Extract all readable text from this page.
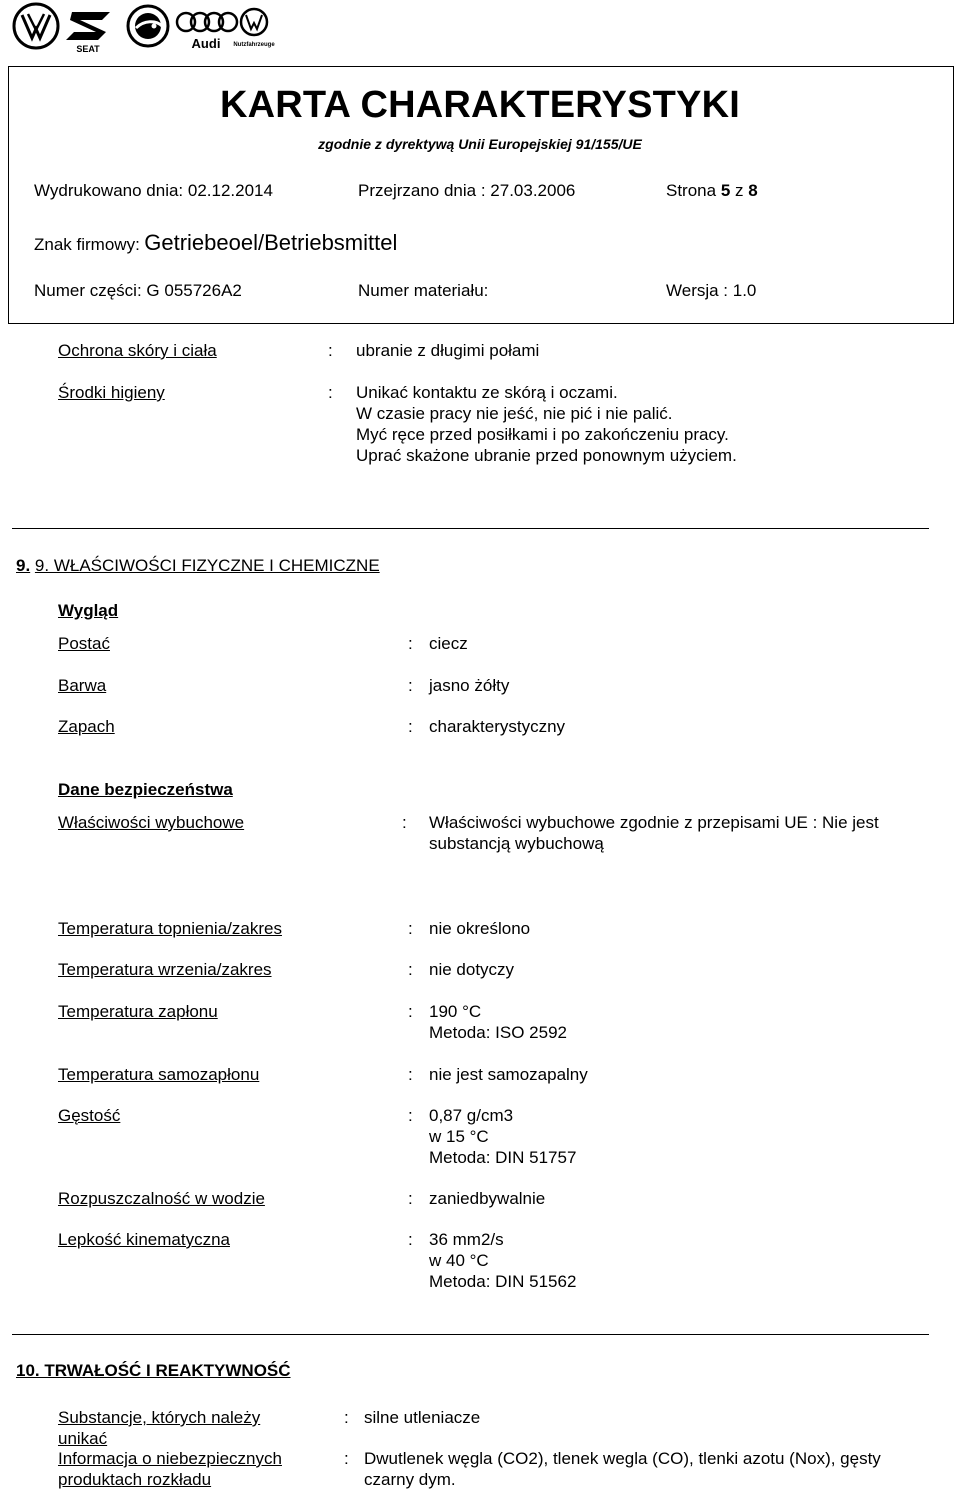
SEAT	Audi Nutzfahrzeuge
KARTA CHARAKTERYSTYKI
zgodnie z dyrektywą Unii Europejskiej 91/155/UE
Wydrukowano dnia: 02.12.2014	Przejrzano dnia : 27.03.2006	Strona 5 z 8
Znak firmowy: Getriebeoel/Betriebsmittel
Numer części: G 055726A2	Numer materiału:	Wersja : 1.0
Ochrona skóry i ciała	: ubranie z długimi połami
Środki higieny	: Unikać kontaktu ze skórą i oczami.
W czasie pracy nie jeść, nie pić i nie palić.
Myć ręce przed posiłkami i po zakończeniu pracy.
Uprać skażone ubranie przed ponownym użyciem.
9. 9. WŁAŚCIWOŚCI FIZYCZNE I CHEMICZNE
Wygląd
Postać	: ciecz
Barwa	: jasno żółty
Zapach	: charakterystyczny
Dane bezpieczeństwa
Właściwości wybuchowe	: Właściwości wybuchowe zgodnie z przepisami UE : Nie jest
substancją wybuchową
Temperatura topnienia/zakres	: nie określono
Temperatura wrzenia/zakres	: nie dotyczy
Temperatura zapłonu	: 190 °C
Metoda: ISO 2592
Temperatura samozapłonu	: nie jest samozapalny
Gęstość	: 0,87 g/cm3
w 15 °C
Metoda: DIN 51757
Rozpuszczalność w wodzie	: zaniedbywalnie
Lepkość kinematyczna	: 36 mm2/s
w 40 °C
Metoda: DIN 51562
10. TRWAŁOŚĆ I REAKTYWNOŚĆ
Substancje, których należy
unikać
: silne utleniacze
Informacja o niebezpiecznych
produktach rozkładu
: Dwutlenek węgla (CO2), tlenek wegla (CO), tlenki azotu (Nox), gęsty
czarny dym.
